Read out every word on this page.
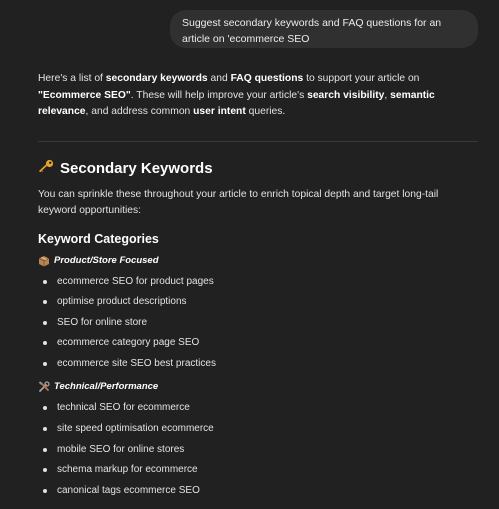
Suggest secondary keywords and FAQ questions for an article on 'ecommerce SEO

Here's a list of secondary keywords and FAQ questions to support your article on "Ecommerce SEO". These will help improve your article's search visibility, semantic relevance, and address common user intent queries.

Secondary Keywords

You can sprinkle these throughout your article to enrich topical depth and target long-tail keyword opportunities:

Keyword Categories
Product/Store Focused
ecommerce SEO for product pages
optimise product descriptions
SEO for online store
ecommerce category page SEO
ecommerce site SEO best practices
Technical/Performance
technical SEO for ecommerce
site speed optimisation ecommerce
mobile SEO for online stores
schema markup for ecommerce
canonical tags ecommerce SEO
